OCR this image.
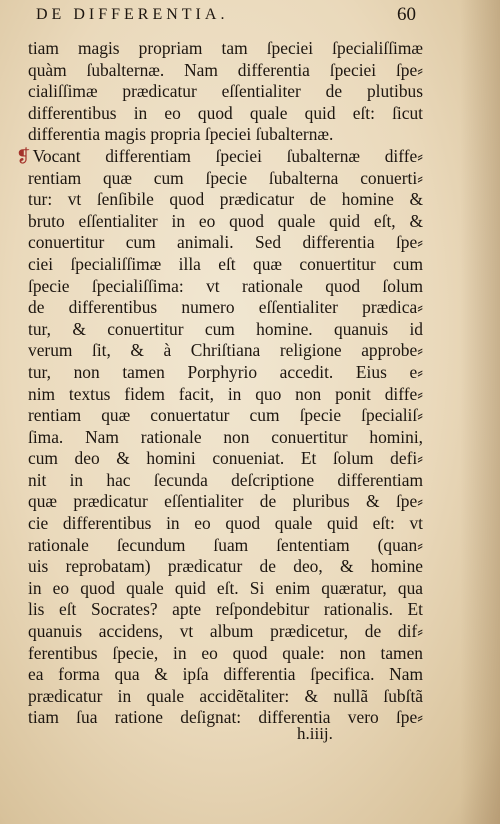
DE DIFFERENTIA.	60
tiam magis propriam tam ſpeciei ſpecialiſſimæ
quàm ſubalternæ. Nam differentia ſpeciei ſpe⸗
cialiſſimæ prædicatur eſſentialiter de plutibus
differentibus in eo quod quale quid eſt: ſicut
differentia magis propria ſpeciei ſubalternæ.
❡ Vocant differentiam ſpeciei ſubalternæ diffe⸗
rentiam quæ cum ſpecie ſubalterna conuerti⸗
tur: vt ſenſibile quod prædicatur de homine &
bruto eſſentialiter in eo quod quale quid eſt, &
conuertitur cum animali. Sed differentia ſpe⸗
ciei ſpecialiſſimæ illa eſt quæ conuertitur cum
ſpecie ſpecialiſſima: vt rationale quod ſolum
de differentibus numero eſſentialiter prædica⸗
tur, & conuertitur cum homine. quanuis id
verum ſit, & à Chriſtiana religione approbe⸗
tur, non tamen Porphyrio accedit. Eius e⸗
nim textus fidem facit, in quo non ponit diffe⸗
rentiam quæ conuertatur cum ſpecie ſpecialiſ⸗
ſima. Nam rationale non conuertitur homini,
cum deo & homini conueniat. Et ſolum defi⸗
nit in hac ſecunda deſcriptione differentiam
quæ prædicatur eſſentialiter de pluribus & ſpe⸗
cie differentibus in eo quod quale quid eſt: vt
rationale ſecundum ſuam ſententiam (quan⸗
uis reprobatam) prædicatur de deo, & homine
in eo quod quale quid eſt. Si enim quæratur, qua
lis eſt Socrates? apte reſpondebitur rationalis. Et
quanuis accidens, vt album prædicetur, de dif⸗
ferentibus ſpecie, in eo quod quale: non tamen
ea forma qua & ipſa differentia ſpecifica. Nam
prædicatur in quale accidẽtaliter: & nullã ſubſtã
tiam ſua ratione deſignat: differentia vero ſpe⸗
h.iiij.
